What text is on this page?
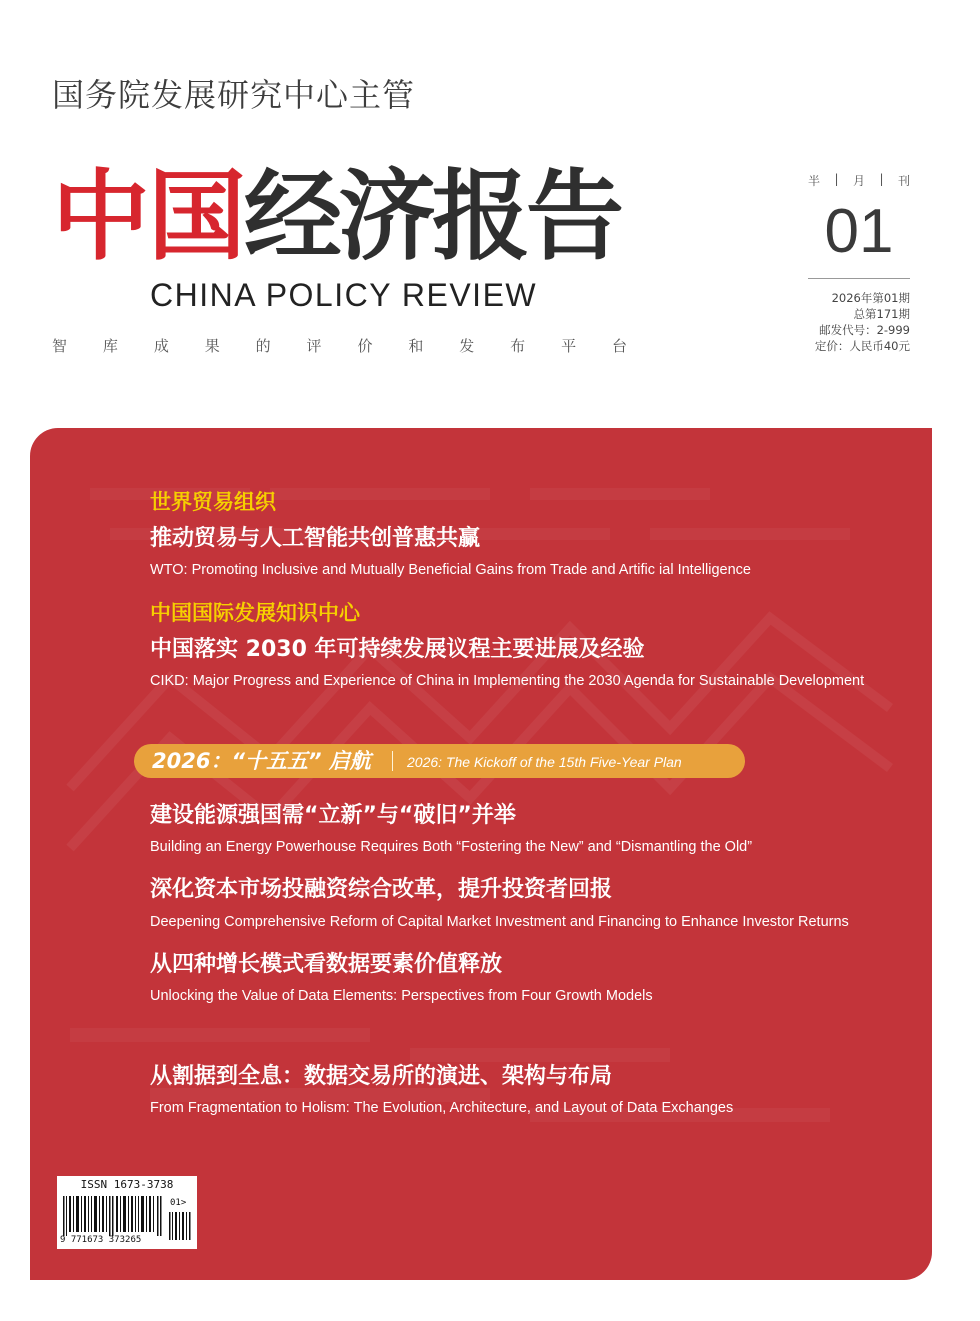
国务院发展研究中心主管
中国经济报告
CHINA POLICY REVIEW
智 库 成 果 的 评 价 和 发 布 平 台
半 | 月 | 刊
01
2026年第01期
总第171期
邮发代号：2-999
定价：人民币40元
世界贸易组织
推动贸易与人工智能共创普惠共赢
WTO: Promoting Inclusive and Mutually Beneficial Gains from Trade and Artific ial Intelligence
中国国际发展知识中心
中国落实 2030 年可持续发展议程主要进展及经验
CIKD: Major Progress and Experience of China in Implementing the 2030 Agenda for Sustainable Development
2026：“十五五” 启航	2026: The Kickoff of the 15th Five-Year Plan
建设能源强国需“立新”与“破旧”并举
Building an Energy Powerhouse Requires Both “Fostering the New” and “Dismantling the Old”
深化资本市场投融资综合改革，提升投资者回报
Deepening Comprehensive Reform of Capital Market Investment and Financing to Enhance Investor Returns
从四种增长模式看数据要素价值释放
Unlocking the Value of Data Elements: Perspectives from Four Growth Models
从割据到全息：数据交易所的演进、架构与布局
From Fragmentation to Holism: The Evolution, Architecture, and Layout of Data Exchanges
ISSN 1673-3738
01>
9 771673 373265
